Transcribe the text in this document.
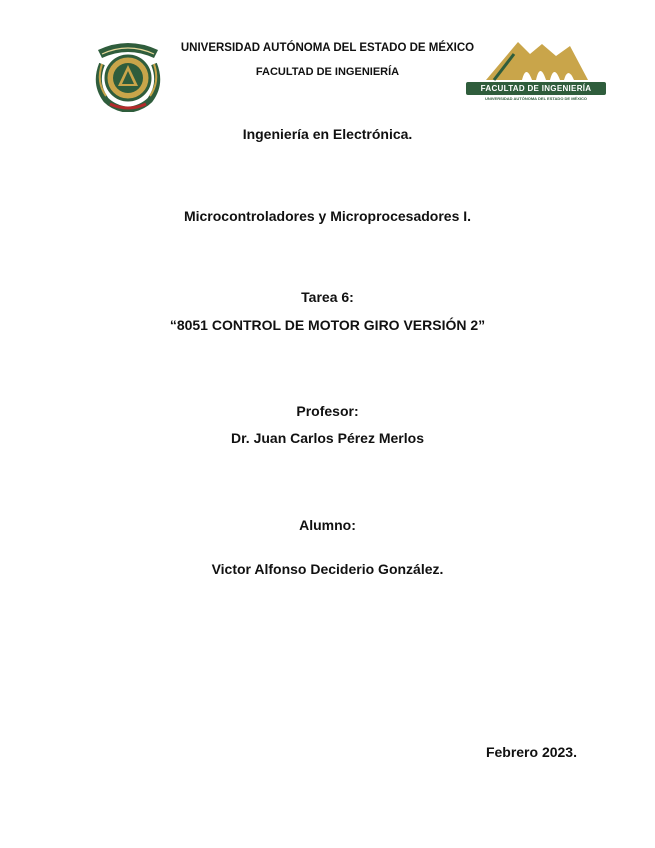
UNIVERSIDAD AUTÓNOMA DEL ESTADO DE MÉXICO
FACULTAD DE INGENIERÍA
FACULTAD DE INGENIERÍA
UNIVERSIDAD AUTÓNOMA DEL ESTADO DE MÉXICO
Ingeniería en Electrónica.
Microcontroladores y Microprocesadores I.
Tarea 6:
“8051 CONTROL DE MOTOR GIRO VERSIÓN 2”
Profesor:
Dr. Juan Carlos Pérez Merlos
Alumno:
Victor Alfonso Deciderio González.
Febrero 2023.
